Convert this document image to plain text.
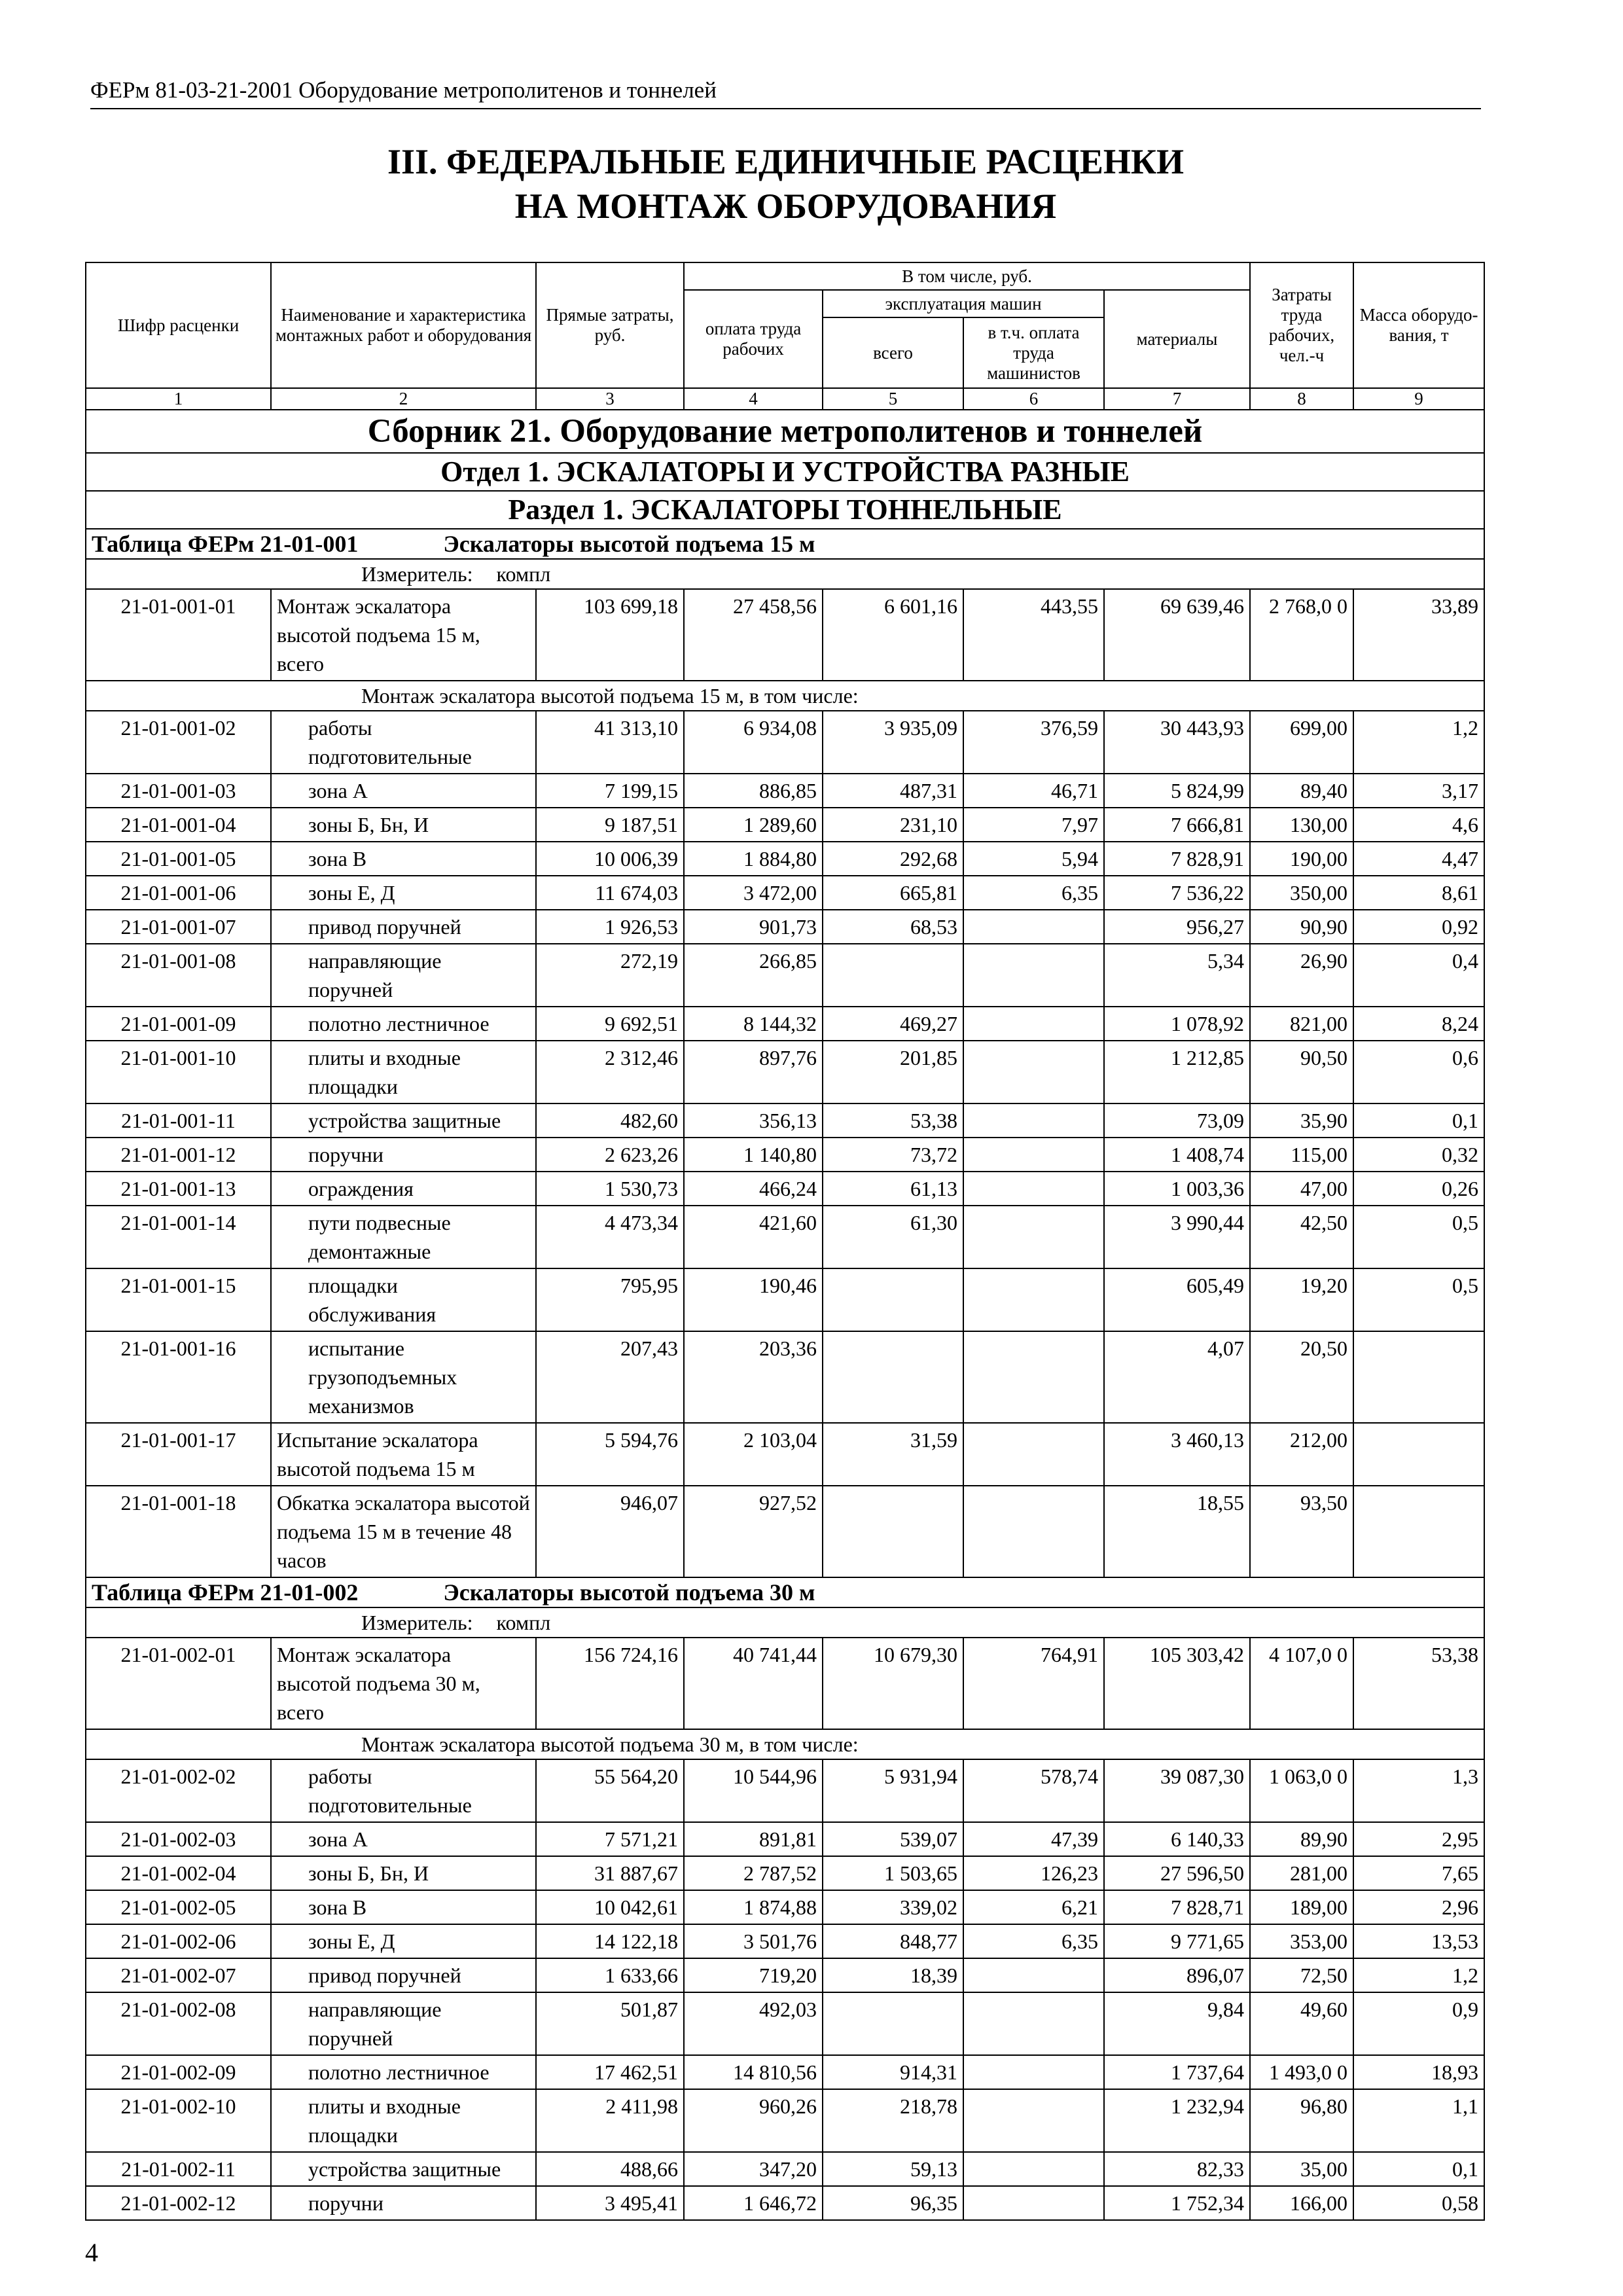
ФЕРм 81-03-21-2001 Оборудование метрополитенов и тоннелей
III. ФЕДЕРАЛЬНЫЕ ЕДИНИЧНЫЕ РАСЦЕНКИ
НА МОНТАЖ ОБОРУДОВАНИЯ
Шифр расценки	Наименование и характеристика монтажных работ и оборудования	Прямые затраты, руб.	В том числе, руб.				Затраты труда рабочих, чел.-ч	Масса оборудо-вания, т
			оплата труда рабочих	эксплуатация машин		материалы		
				всего	в т.ч. оплата труда машинистов			
1	2	3	4	5	6	7	8	9
Сборник 21. Оборудование метрополитенов и тоннелей								
Отдел 1. ЭСКАЛАТОРЫ И УСТРОЙСТВА РАЗНЫЕ								
Раздел 1. ЭСКАЛАТОРЫ ТОННЕЛЬНЫЕ								
Таблица ФЕРм 21-01-001 Эскалаторы высотой подъема 15 м								
Измеритель: компл								
21-01-001-01	Монтаж эскалатора высотой подъема 15 м, всего	103 699,18	27 458,56	6 601,16	443,55	69 639,46	2 768,0 0	33,89
Монтаж эскалатора высотой подъема 15 м, в том числе:								
21-01-001-02	работы подготовительные	41 313,10	6 934,08	3 935,09	376,59	30 443,93	699,00	1,2
21-01-001-03	зона А	7 199,15	886,85	487,31	46,71	5 824,99	89,40	3,17
21-01-001-04	зоны Б, Бн, И	9 187,51	1 289,60	231,10	7,97	7 666,81	130,00	4,6
21-01-001-05	зона В	10 006,39	1 884,80	292,68	5,94	7 828,91	190,00	4,47
21-01-001-06	зоны Е, Д	11 674,03	3 472,00	665,81	6,35	7 536,22	350,00	8,61
21-01-001-07	привод поручней	1 926,53	901,73	68,53		956,27	90,90	0,92
21-01-001-08	направляющие поручней	272,19	266,85			5,34	26,90	0,4
21-01-001-09	полотно лестничное	9 692,51	8 144,32	469,27		1 078,92	821,00	8,24
21-01-001-10	плиты и входные площадки	2 312,46	897,76	201,85		1 212,85	90,50	0,6
21-01-001-11	устройства защитные	482,60	356,13	53,38		73,09	35,90	0,1
21-01-001-12	поручни	2 623,26	1 140,80	73,72		1 408,74	115,00	0,32
21-01-001-13	ограждения	1 530,73	466,24	61,13		1 003,36	47,00	0,26
21-01-001-14	пути подвесные демонтажные	4 473,34	421,60	61,30		3 990,44	42,50	0,5
21-01-001-15	площадки обслуживания	795,95	190,46			605,49	19,20	0,5
21-01-001-16	испытание грузоподъемных механизмов	207,43	203,36			4,07	20,50	
21-01-001-17	Испытание эскалатора высотой подъема 15 м	5 594,76	2 103,04	31,59		3 460,13	212,00	
21-01-001-18	Обкатка эскалатора высотой подъема 15 м в течение 48 часов	946,07	927,52			18,55	93,50	
Таблица ФЕРм 21-01-002 Эскалаторы высотой подъема 30 м								
Измеритель: компл								
21-01-002-01	Монтаж эскалатора высотой подъема 30 м, всего	156 724,16	40 741,44	10 679,30	764,91	105 303,42	4 107,0 0	53,38
Монтаж эскалатора высотой подъема 30 м, в том числе:								
21-01-002-02	работы подготовительные	55 564,20	10 544,96	5 931,94	578,74	39 087,30	1 063,0 0	1,3
21-01-002-03	зона А	7 571,21	891,81	539,07	47,39	6 140,33	89,90	2,95
21-01-002-04	зоны Б, Бн, И	31 887,67	2 787,52	1 503,65	126,23	27 596,50	281,00	7,65
21-01-002-05	зона В	10 042,61	1 874,88	339,02	6,21	7 828,71	189,00	2,96
21-01-002-06	зоны Е, Д	14 122,18	3 501,76	848,77	6,35	9 771,65	353,00	13,53
21-01-002-07	привод поручней	1 633,66	719,20	18,39		896,07	72,50	1,2
21-01-002-08	направляющие поручней	501,87	492,03			9,84	49,60	0,9
21-01-002-09	полотно лестничное	17 462,51	14 810,56	914,31		1 737,64	1 493,0 0	18,93
21-01-002-10	плиты и входные площадки	2 411,98	960,26	218,78		1 232,94	96,80	1,1
21-01-002-11	устройства защитные	488,66	347,20	59,13		82,33	35,00	0,1
21-01-002-12	поручни	3 495,41	1 646,72	96,35		1 752,34	166,00	0,58
4
